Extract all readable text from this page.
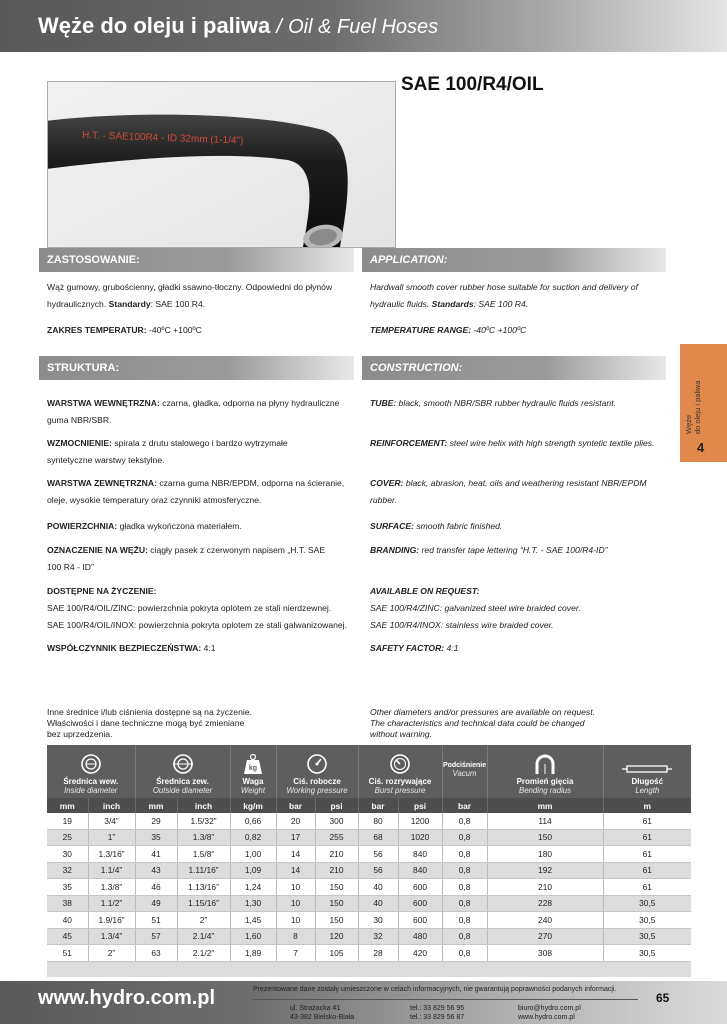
Węże do oleju i paliwa / Oil & Fuel Hoses
SAE 100/R4/OIL
H.T. - SAE100R4 - ID 32mm (1-1/4")
ZASTOSOWANIE:	APPLICATION:
Wąż gumowy, grubościenny, gładki ssawno-tłoczny. Odpowiedni do płynów hydraulicznych. Standardy: SAE 100 R4.
ZAKRES TEMPERATUR: -40ºC +100ºC
Hardwall smooth cover rubber hose suitable for suction and delivery of hydraulic fluids. Standards: SAE 100 R4.
TEMPERATURE RANGE: -40ºC +100ºC
STRUKTURA:	CONSTRUCTION:
WARSTWA WEWNĘTRZNA: czarna, gładka, odporna na płyny hydrauliczne guma NBR/SBR.
WZMOCNIENIE: spirala z drutu stalowego i bardzo wytrzymałe syntetyczne warstwy tekstylne.
WARSTWA ZEWNĘTRZNA: czarna guma NBR/EPDM, odporna na ścieranie, oleje, wysokie temperatury oraz czynniki atmosferyczne.
POWIERZCHNIA: gładka wykończona materiałem.
OZNACZENIE NA WĘŻU: ciągły pasek z czerwonym napisem „H.T. SAE 100 R4 - ID”
DOSTĘPNE NA ŻYCZENIE:
SAE 100/R4/OIL/ZINC: powierzchnia pokryta oplotem ze stali nierdzewnej.
SAE 100/R4/OIL/INOX: powierzchnia pokryta oplotem ze stali galwanizowanej.
WSPÓŁCZYNNIK BEZPIECZEŃSTWA: 4:1
TUBE: black, smooth NBR/SBR rubber hydraulic fluids resistant.
REINFORCEMENT: steel wire helix with high strength syntetic textile plies.
COVER: black, abrasion, heat, oils and weathering resistant NBR/EPDM rubber.
SURFACE: smooth fabric finished.
BRANDING: red transfer tape lettering “H.T. - SAE 100/R4-ID”
AVAILABLE ON REQUEST:
SAE 100/R4/ZINC: galvanized steel wire braided cover.
SAE 100/R4/INOX: stainless wire braided cover.
SAFETY FACTOR: 4:1
Węże do oleju i paliwa
4
Inne średnice i/lub ciśnienia dostępne są na życzenie.
Właściwości i dane techniczne mogą być zmieniane
bez uprzedzenia.
Other diameters and/or pressures are available on request.
The characteristics and technical data could be changed
without warning.
Średnica wew.
Inside diameter		Średnica zew.
Outside diameter		kg
Waga
Weight	Ciś. robocze
Working pressure		Ciś. rozrywające
Burst pressure		Podciśnienie
Vacum	Promień gięcia
Bending radius	Długość
Length

mm	inch	mm	inch	kg/m	bar	psi	bar	psi	bar	mm	m
19	3/4”	29	1.5/32”	0,66	20	300	80	1200	0,8	114	61
25	1”	35	1.3/8”	0,82	17	255	68	1020	0,8	150	61
30	1.3/16”	41	1.5/8”	1,00	14	210	56	840	0,8	180	61
32	1.1/4”	43	1.11/16”	1,09	14	210	56	840	0,8	192	61
35	1.3/8”	46	1.13/16”	1,24	10	150	40	600	0,8	210	61
38	1.1/2”	49	1.15/16”	1,30	10	150	40	600	0,8	228	30,5
40	1.9/16”	51	2”	1,45	10	150	30	600	0,8	240	30,5
45	1.3/4”	57	2.1/4”	1,60	8	120	32	480	0,8	270	30,5
51	2”	63	2.1/2”	1,89	7	105	28	420	0,8	308	30,5

www.hydro.com.pl	Prezentowane dane zostały umieszczone w celach informacyjnych, nie gwarantują poprawności podanych informacji.
ul. Strażacka 41
43-382 Bielsko-Biała
tel.: 33 829 56 95
tel.: 33 829 56 87
biuro@hydro.com.pl
www.hydro.com.pl
65
